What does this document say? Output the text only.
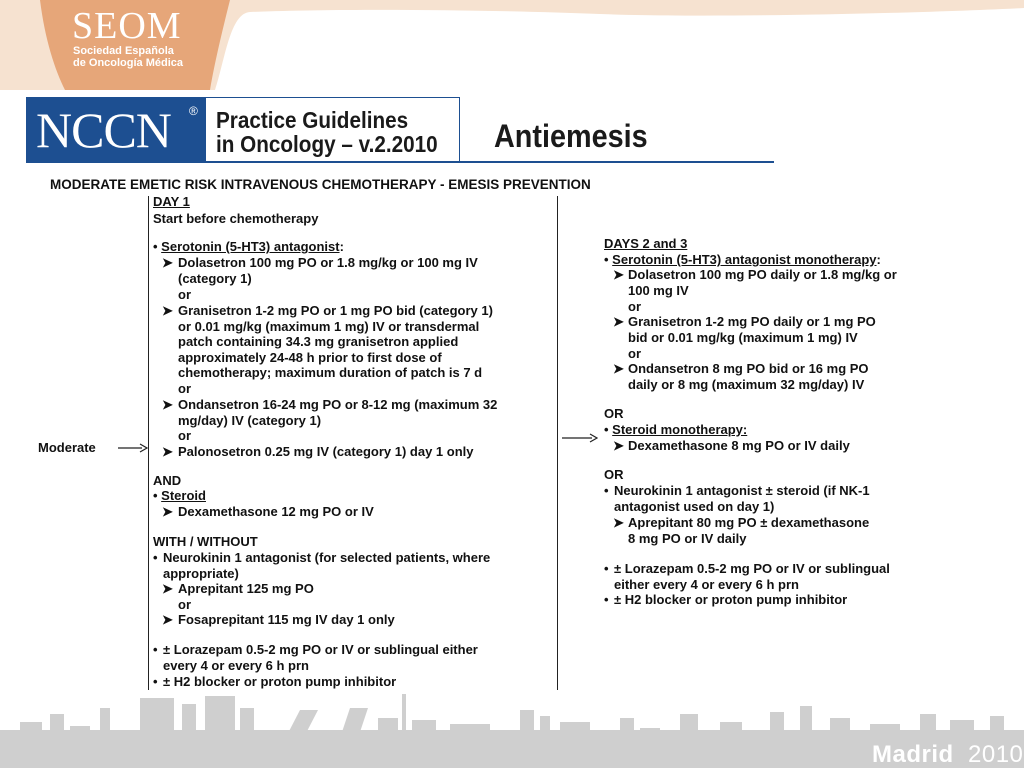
SEOM
Sociedad Española
de Oncología Médica
NCCN	® Practice Guidelines
in Oncology – v.2.2010 Antiemesis
MODERATE EMETIC RISK INTRAVENOUS CHEMOTHERAPY - EMESIS PREVENTION
Moderate
DAY 1
Start before chemotherapy
• Serotonin (5-HT3) antagonist:
➤ Dolasetron 100 mg PO or 1.8 mg/kg or 100 mg IV
(category 1)
or
➤ Granisetron 1-2 mg PO or 1 mg PO bid (category 1)
or 0.01 mg/kg (maximum 1 mg) IV or transdermal
patch containing 34.3 mg granisetron applied
approximately 24-48 h prior to first dose of
chemotherapy; maximum duration of patch is 7 d
or
➤ Ondansetron 16-24 mg PO or 8-12 mg (maximum 32
mg/day) IV (category 1)
or
➤ Palonosetron 0.25 mg IV (category 1) day 1 only
AND
• Steroid
➤ Dexamethasone 12 mg PO or IV
WITH / WITHOUT
• Neurokinin 1 antagonist (for selected patients, where
appropriate)
➤ Aprepitant 125 mg PO
or
➤ Fosaprepitant 115 mg IV day 1 only
• ± Lorazepam 0.5-2 mg PO or IV or sublingual either
every 4 or every 6 h prn
• ± H2 blocker or proton pump inhibitor
DAYS 2 and 3
• Serotonin (5-HT3) antagonist monotherapy:
➤ Dolasetron 100 mg PO daily or 1.8 mg/kg or
100 mg IV
or
➤ Granisetron 1-2 mg PO daily or 1 mg PO
bid or 0.01 mg/kg (maximum 1 mg) IV
or
➤ Ondansetron 8 mg PO bid or 16 mg PO
daily or 8 mg (maximum 32 mg/day) IV
OR
• Steroid monotherapy:
➤ Dexamethasone 8 mg PO or IV daily
OR
• Neurokinin 1 antagonist ± steroid (if NK-1
antagonist used on day 1)
➤ Aprepitant 80 mg PO ± dexamethasone
8 mg PO or IV daily
• ± Lorazepam 0.5-2 mg PO or IV or sublingual
either every 4 or every 6 h prn
• ± H2 blocker or proton pump inhibitor
Madrid 2010
